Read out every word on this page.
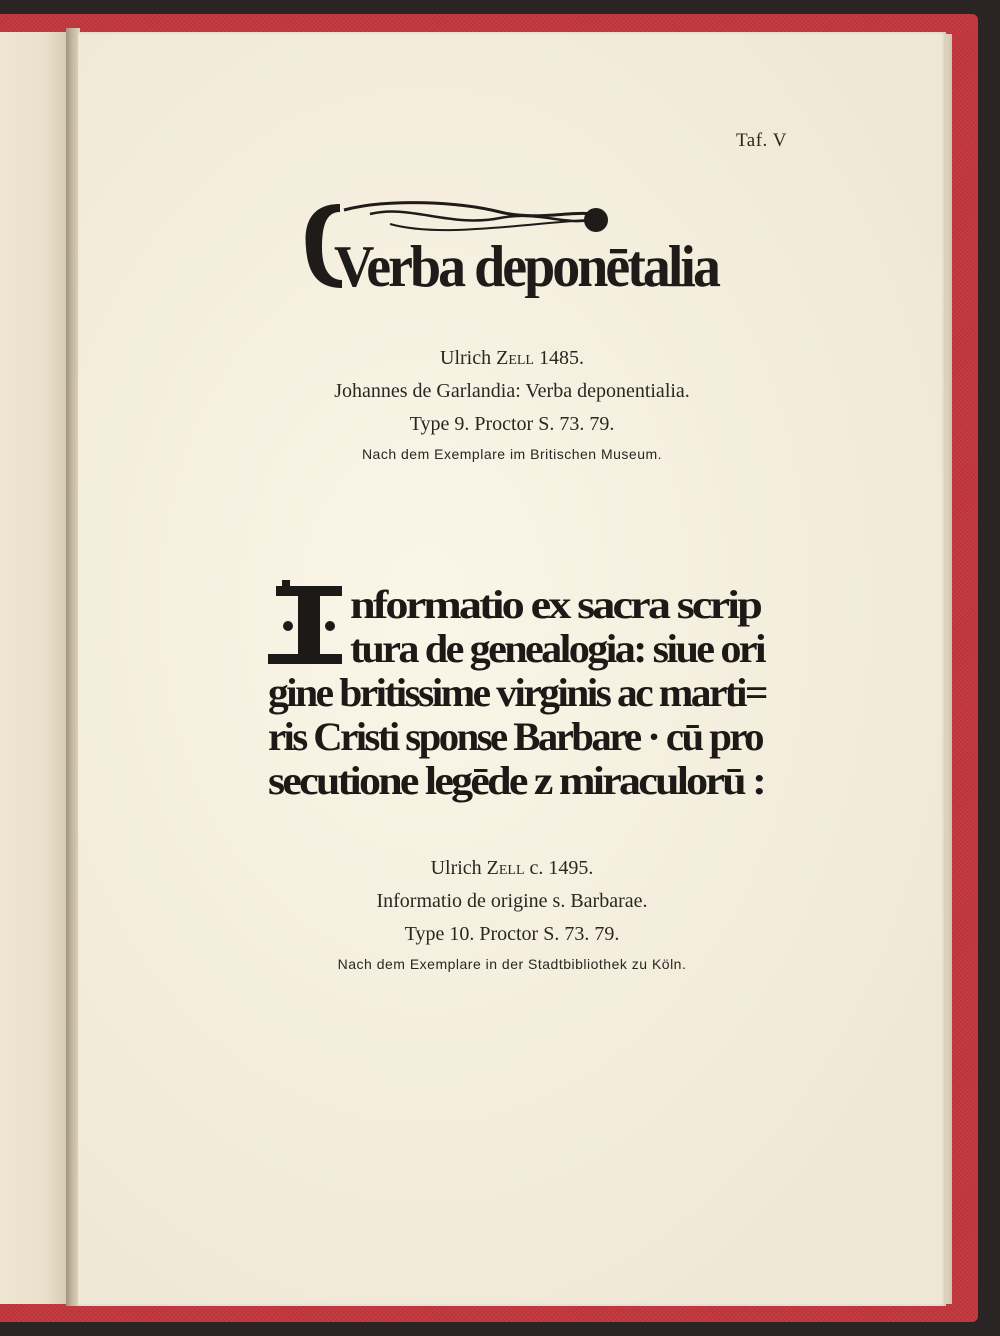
Taf. V
Verba deponētalia
Ulrich Zell 1485.
Johannes de Garlandia: Verba deponentialia.
Type 9. Proctor S. 73. 79.
Nach dem Exemplare im Britischen Museum.
nformatio ex sacra scrip
tura de genealogia: siue ori
gine britissime virginis ac marti=
ris Cristi sponse Barbare · cū pro
secutione legēde z miraculorū :
Ulrich Zell c. 1495.
Informatio de origine s. Barbarae.
Type 10. Proctor S. 73. 79.
Nach dem Exemplare in der Stadtbibliothek zu Köln.
